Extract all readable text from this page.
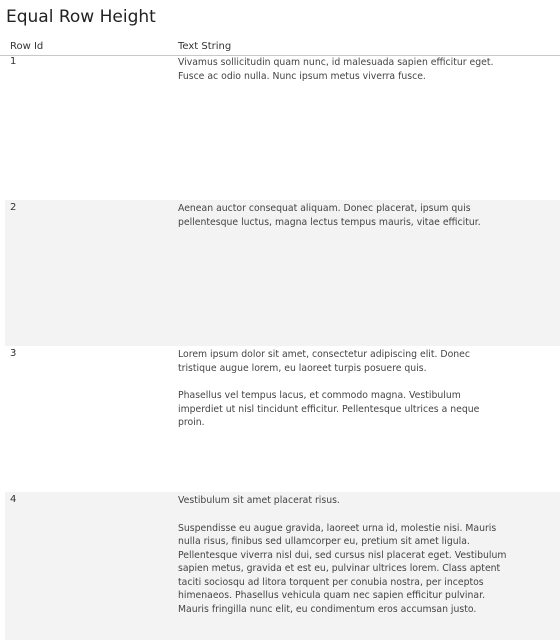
Equal Row Height
Row Id	Text String
1	Vivamus sollicitudin quam nunc, id malesuada sapien efficitur eget. Fusce ac odio nulla. Nunc ipsum metus viverra fusce.

2	Aenean auctor consequat aliquam. Donec placerat, ipsum quis pellentesque luctus, magna lectus tempus mauris, vitae efficitur.

3	Lorem ipsum dolor sit amet, consectetur adipiscing elit. Donec tristique augue lorem, eu laoreet turpis posuere quis.

Phasellus vel tempus lacus, et commodo magna. Vestibulum imperdiet ut nisl tincidunt efficitur. Pellentesque ultrices a neque proin.

4	Vestibulum sit amet placerat risus.

Suspendisse eu augue gravida, laoreet urna id, molestie nisi. Mauris nulla risus, finibus sed ullamcorper eu, pretium sit amet ligula. Pellentesque viverra nisl dui, sed cursus nisl placerat eget. Vestibulum sapien metus, gravida et est eu, pulvinar ultrices lorem. Class aptent taciti sociosqu ad litora torquent per conubia nostra, per inceptos himenaeos. Phasellus vehicula quam nec sapien efficitur pulvinar. Mauris fringilla nunc elit, eu condimentum eros accumsan justo.
